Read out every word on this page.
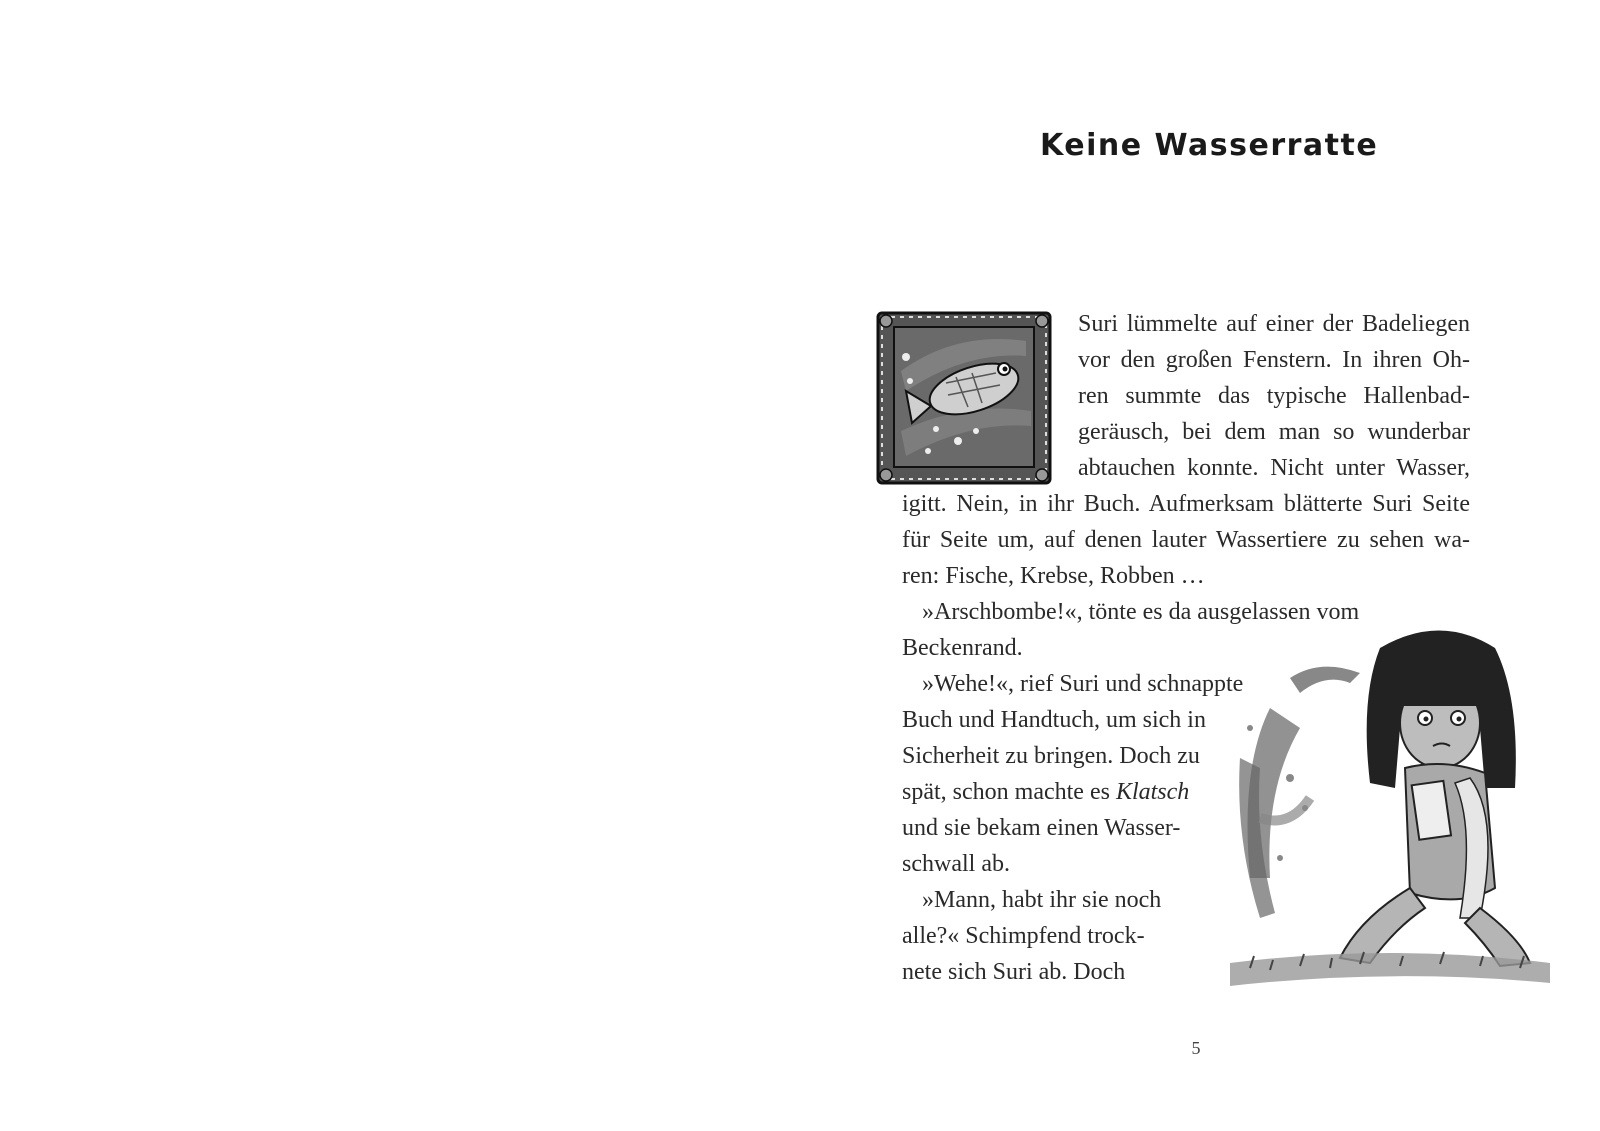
Keine Wasserratte
Suri lümmelte auf einer der Badeliegen
vor den großen Fenstern. In ihren Oh-
ren summte das typische Hallenbad-
geräusch, bei dem man so wunderbar
abtauchen konnte. Nicht unter Wasser,
igitt. Nein, in ihr Buch. Aufmerksam blätterte Suri Seite
für Seite um, auf denen lauter Wassertiere zu sehen wa-
ren: Fische, Krebse, Robben …
»Arschbombe!«, tönte es da ausgelassen vom
Beckenrand.
»Wehe!«, rief Suri und schnappte
Buch und Handtuch, um sich in
Sicherheit zu bringen. Doch zu
spät, schon machte es Klatsch
und sie bekam einen Wasser-
schwall ab.
»Mann, habt ihr sie noch
alle?« Schimpfend trock-
nete sich Suri ab. Doch
5
